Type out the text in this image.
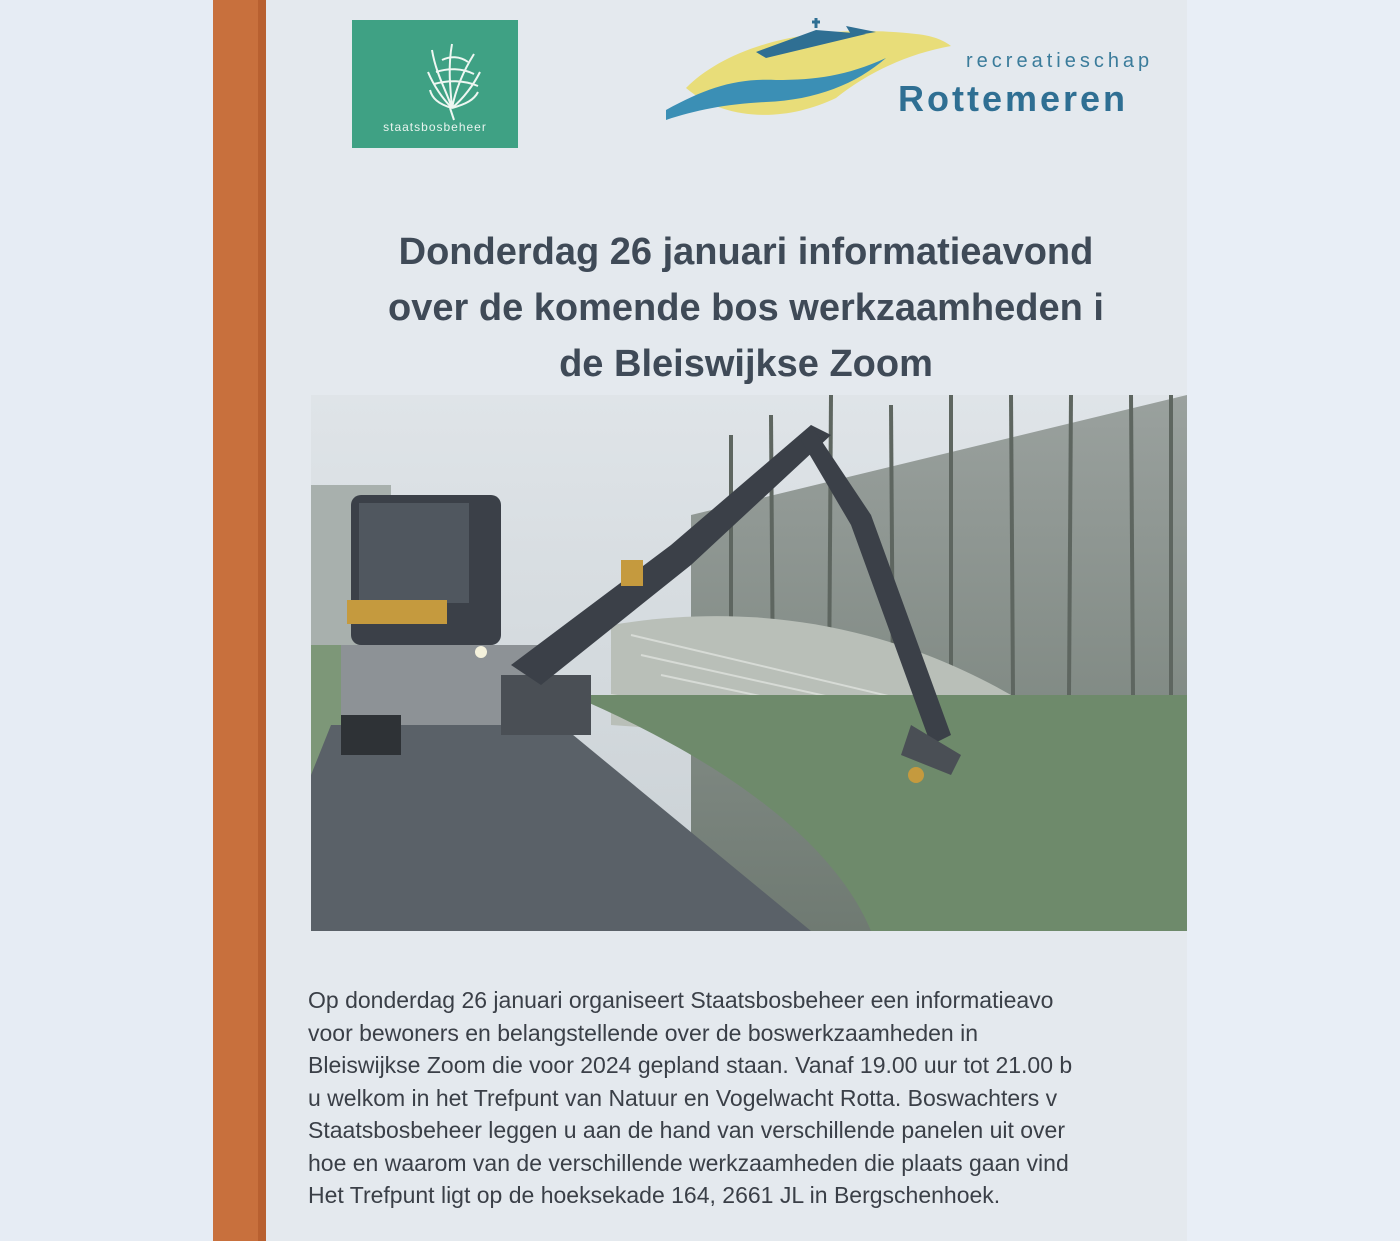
staatsbosbeheer
recreatieschap
Rottemeren
Donderdag 26 januari informatieavond
over de komende bos werkzaamheden i
de Bleiswijkse Zoom
Op donderdag 26 januari organiseert Staatsbosbeheer een informatieavo
voor bewoners en belangstellende over de boswerkzaamheden in
Bleiswijkse Zoom die voor 2024 gepland staan. Vanaf 19.00 uur tot 21.00 b
u welkom in het Trefpunt van Natuur en Vogelwacht Rotta. Boswachters v
Staatsbosbeheer leggen u aan de hand van verschillende panelen uit over
hoe en waarom van de verschillende werkzaamheden die plaats gaan vind
Het Trefpunt ligt op de hoeksekade 164, 2661 JL in Bergschenhoek.
